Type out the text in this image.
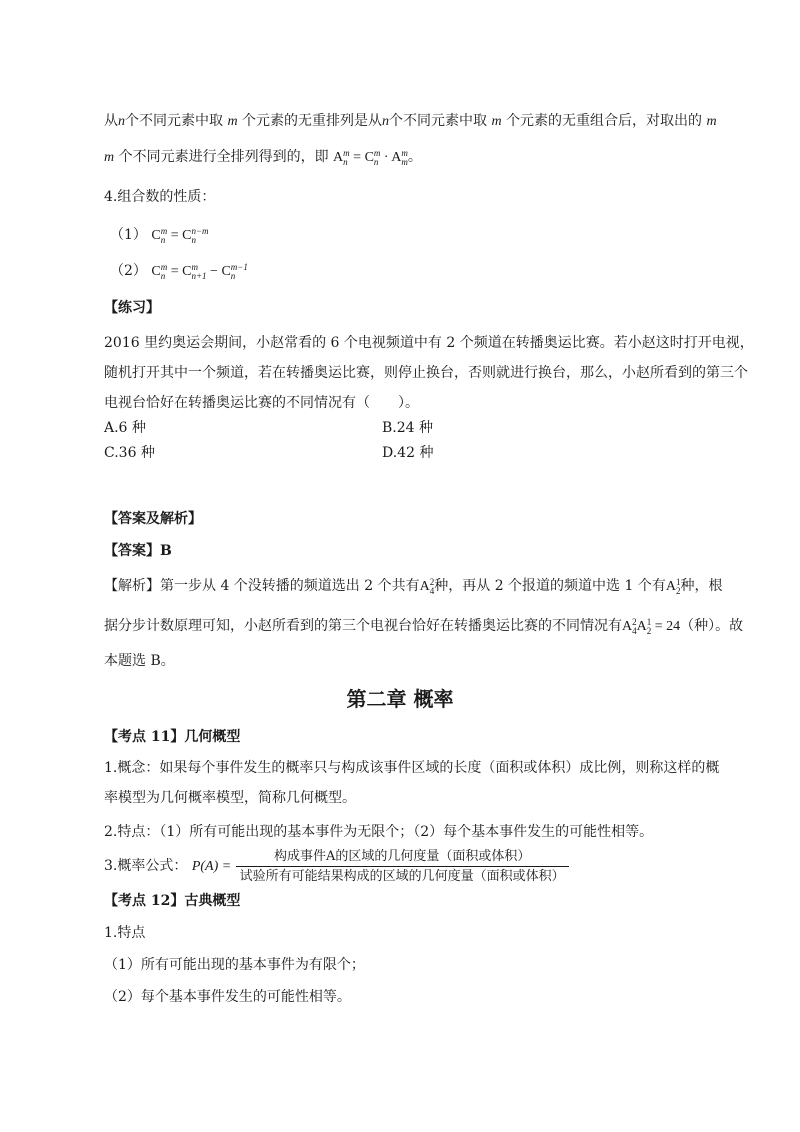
从n个不同元素中取 m 个元素的无重排列是从n个不同元素中取 m 个元素的无重组合后，对取出的 m
m 个不同元素进行全排列得到的，即 A m
n = C m
n · A m
m 。
4.组合数的性质：
（1） C m
n = C n−m
n
（2） C m
n = C m
n+1 − C m−1
n
【练习】
2016 里约奥运会期间，小赵常看的 6 个电视频道中有 2 个频道在转播奥运比赛。若小赵这时打开电视，
随机打开其中一个频道，若在转播奥运比赛，则停止换台，否则就进行换台，那么，小赵所看到的第三个
电视台恰好在转播奥运比赛的不同情况有（　　）。
A.6 种	B.24 种
C.36 种	D.42 种
【答案及解析】
【答案】B
【解析】第一步从 4 个没转播的频道选出 2 个共有A 2
4 种，再从 2 个报道的频道中选 1 个有A 1
2 种，根
据分步计数原理可知，小赵所看到的第三个电视台恰好在转播奥运比赛的不同情况有A 2
4 A 1
2 = 24（种）。故
本题选 B。
第二章 概率
【考点 11】几何概型
1.概念：如果每个事件发生的概率只与构成该事件区域的长度（面积或体积）成比例，则称这样的概
率模型为几何概率模型，简称几何概型。
2.特点：（1）所有可能出现的基本事件为无限个；（2）每个基本事件发生的可能性相等。
3.概率公式： $P(A) = \frac{\text{构成事件A的区域的几何度量（面积或体积）}}{\text{试验所有可能结果构成的区域的几何度量（面积或体积）}}$
【考点 12】古典概型
1.特点
（1）所有可能出现的基本事件为有限个；
（2）每个基本事件发生的可能性相等。
